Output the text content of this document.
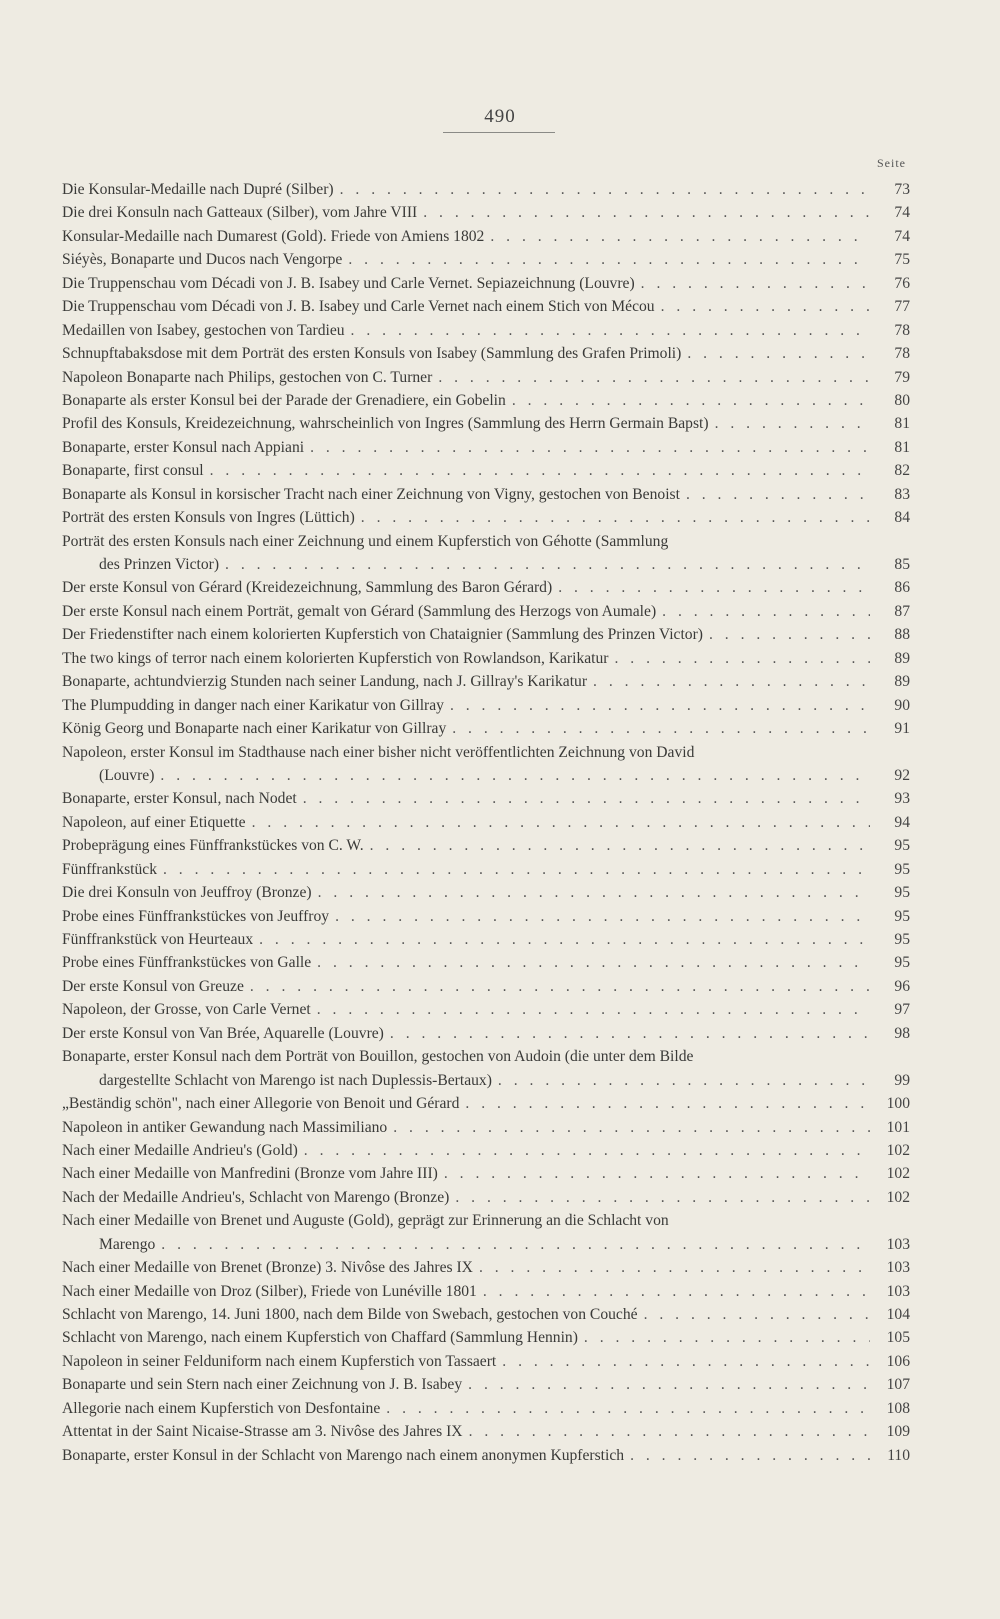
490
Seite
Die Konsular-Medaille nach Dupré (Silber) . . .	73
Die drei Konsuln nach Gatteaux (Silber), vom Jahre VIII . . .	74
Konsular-Medaille nach Dumarest (Gold). Friede von Amiens 1802 . . .	74
Siéyès, Bonaparte und Ducos nach Vengorpe . . .	75
Die Truppenschau vom Décadi von J. B. Isabey und Carle Vernet. Sepiazeichnung (Louvre) . . .	76
Die Truppenschau vom Décadi von J. B. Isabey und Carle Vernet nach einem Stich von Mécou . . .	77
Medaillen von Isabey, gestochen von Tardieu . . .	78
Schnupftabaksdose mit dem Porträt des ersten Konsuls von Isabey (Sammlung des Grafen Primoli) . . .	78
Napoleon Bonaparte nach Philips, gestochen von C. Turner . . .	79
Bonaparte als erster Konsul bei der Parade der Grenadiere, ein Gobelin . . .	80
Profil des Konsuls, Kreidezeichnung, wahrscheinlich von Ingres (Sammlung des Herrn Germain Bapst) . . .	81
Bonaparte, erster Konsul nach Appiani . . .	81
Bonaparte, first consul . . .	82
Bonaparte als Konsul in korsischer Tracht nach einer Zeichnung von Vigny, gestochen von Benoist . . .	83
Porträt des ersten Konsuls von Ingres (Lüttich) . . .	84
Porträt des ersten Konsuls nach einer Zeichnung und einem Kupferstich von Géhotte (Sammlung
des Prinzen Victor) . . .	85
Der erste Konsul von Gérard (Kreidezeichnung, Sammlung des Baron Gérard) . . .	86
Der erste Konsul nach einem Porträt, gemalt von Gérard (Sammlung des Herzogs von Aumale) . . .	87
Der Friedenstifter nach einem kolorierten Kupferstich von Chataignier (Sammlung des Prinzen Victor) . . .	88
The two kings of terror nach einem kolorierten Kupferstich von Rowlandson, Karikatur . . .	89
Bonaparte, achtundvierzig Stunden nach seiner Landung, nach J. Gillray's Karikatur . . .	89
The Plumpudding in danger nach einer Karikatur von Gillray . . .	90
König Georg und Bonaparte nach einer Karikatur von Gillray . . .	91
Napoleon, erster Konsul im Stadthause nach einer bisher nicht veröffentlichten Zeichnung von David
(Louvre) . . .	92
Bonaparte, erster Konsul, nach Nodet . . .	93
Napoleon, auf einer Etiquette . . .	94
Probeprägung eines Fünffrankstückes von C. W. . . .	95
Fünffrankstück . . .	95
Die drei Konsuln von Jeuffroy (Bronze) . . .	95
Probe eines Fünffrankstückes von Jeuffroy . . .	95
Fünffrankstück von Heurteaux . . .	95
Probe eines Fünffrankstückes von Galle . . .	95
Der erste Konsul von Greuze . . .	96
Napoleon, der Grosse, von Carle Vernet . . .	97
Der erste Konsul von Van Brée, Aquarelle (Louvre) . . .	98
Bonaparte, erster Konsul nach dem Porträt von Bouillon, gestochen von Audoin (die unter dem Bilde
dargestellte Schlacht von Marengo ist nach Duplessis-Bertaux) . . .	99
„Beständig schön", nach einer Allegorie von Benoit und Gérard . . .	100
Napoleon in antiker Gewandung nach Massimiliano . . .	101
Nach einer Medaille Andrieu's (Gold) . . .	102
Nach einer Medaille von Manfredini (Bronze vom Jahre III) . . .	102
Nach der Medaille Andrieu's, Schlacht von Marengo (Bronze) . . .	102
Nach einer Medaille von Brenet und Auguste (Gold), geprägt zur Erinnerung an die Schlacht von
Marengo . . .	103
Nach einer Medaille von Brenet (Bronze) 3. Nivôse des Jahres IX . . .	103
Nach einer Medaille von Droz (Silber), Friede von Lunéville 1801 . . .	103
Schlacht von Marengo, 14. Juni 1800, nach dem Bilde von Swebach, gestochen von Couché . . .	104
Schlacht von Marengo, nach einem Kupferstich von Chaffard (Sammlung Hennin) . . .	105
Napoleon in seiner Felduniform nach einem Kupferstich von Tassaert . . .	106
Bonaparte und sein Stern nach einer Zeichnung von J. B. Isabey . . .	107
Allegorie nach einem Kupferstich von Desfontaine . . .	108
Attentat in der Saint Nicaise-Strasse am 3. Nivôse des Jahres IX . . .	109
Bonaparte, erster Konsul in der Schlacht von Marengo nach einem anonymen Kupferstich . . .	110
